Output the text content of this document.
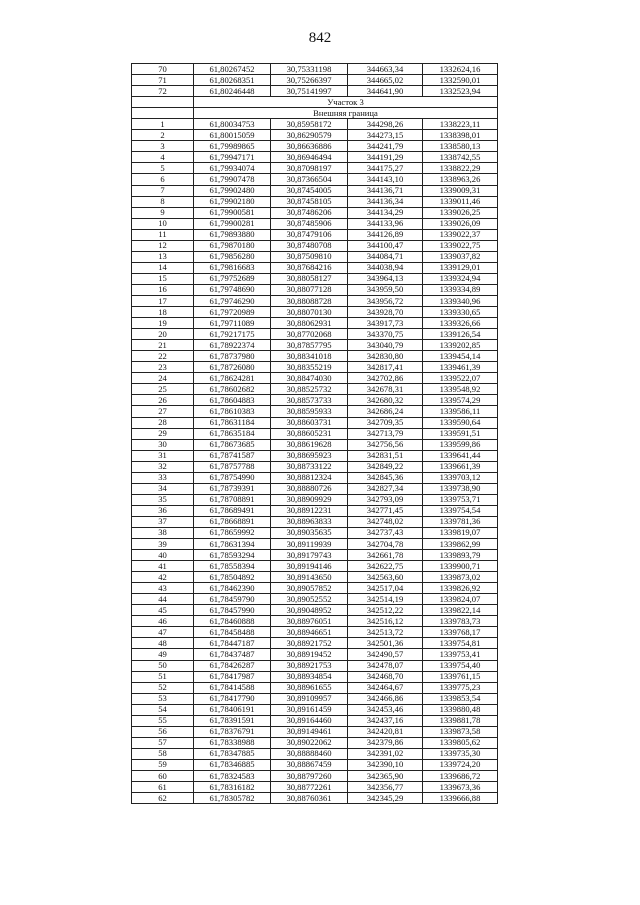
842
70	61,80267452	30,75331198	344663,34	1332624,16
71	61,80268351	30,75266397	344665,02	1332590,01
72	61,80246448	30,75141997	344641,90	1332523,94
	Участок 3			
	Внешняя граница			
1	61,80034753	30,85958172	344298,26	1338223,11
2	61,80015059	30,86290579	344273,15	1338398,01
3	61,79989865	30,86636886	344241,79	1338580,13
4	61,79947171	30,86946494	344191,29	1338742,55
5	61,79934074	30,87098197	344175,27	1338822,29
6	61,79907478	30,87366504	344143,10	1338963,26
7	61,79902480	30,87454005	344136,71	1339009,31
8	61,79902180	30,87458105	344136,34	1339011,46
9	61,79900581	30,87486206	344134,29	1339026,25
10	61,79900281	30,87485906	344133,96	1339026,09
11	61,79893880	30,87479106	344126,89	1339022,37
12	61,79870180	30,87480708	344100,47	1339022,75
13	61,79856280	30,87509810	344084,71	1339037,82
14	61,79816683	30,87684216	344038,94	1339129,01
15	61,79752689	30,88058127	343964,13	1339324,94
16	61,79748690	30,88077128	343959,50	1339334,89
17	61,79746290	30,88088728	343956,72	1339340,96
18	61,79720989	30,88070130	343928,70	1339330,65
19	61,79711089	30,88062931	343917,73	1339326,66
20	61,79217175	30,87702068	343370,75	1339126,54
21	61,78922374	30,87857795	343040,79	1339202,85
22	61,78737980	30,88341018	342830,80	1339454,14
23	61,78726080	30,88355219	342817,41	1339461,39
24	61,78624281	30,88474030	342702,86	1339522,07
25	61,78602682	30,88525732	342678,31	1339548,92
26	61,78604883	30,88573733	342680,32	1339574,29
27	61,78610383	30,88595933	342686,24	1339586,11
28	61,78631184	30,88603731	342709,35	1339590,64
29	61,78635184	30,88605231	342713,79	1339591,51
30	61,78673685	30,88619628	342756,56	1339599,86
31	61,78741587	30,88695923	342831,51	1339641,44
32	61,78757788	30,88733122	342849,22	1339661,39
33	61,78754990	30,88812324	342845,36	1339703,12
34	61,78739391	30,88880726	342827,34	1339738,90
35	61,78708891	30,88909929	342793,09	1339753,71
36	61,78689491	30,88912231	342771,45	1339754,54
37	61,78668891	30,88963833	342748,02	1339781,36
38	61,78659992	30,89035635	342737,43	1339819,07
39	61,78631394	30,89119939	342704,78	1339862,99
40	61,78593294	30,89179743	342661,78	1339893,79
41	61,78558394	30,89194146	342622,75	1339900,71
42	61,78504892	30,89143650	342563,60	1339873,02
43	61,78462390	30,89057852	342517,04	1339826,92
44	61,78459790	30,89052552	342514,19	1339824,07
45	61,78457990	30,89048952	342512,22	1339822,14
46	61,78460888	30,88976051	342516,12	1339783,73
47	61,78458488	30,88946651	342513,72	1339768,17
48	61,78447187	30,88921752	342501,36	1339754,81
49	61,78437487	30,88919452	342490,57	1339753,41
50	61,78426287	30,88921753	342478,07	1339754,40
51	61,78417987	30,88934854	342468,70	1339761,15
52	61,78414588	30,88961655	342464,67	1339775,23
53	61,78417790	30,89109957	342466,86	1339853,54
54	61,78406191	30,89161459	342453,46	1339880,48
55	61,78391591	30,89164460	342437,16	1339881,78
56	61,78376791	30,89149461	342420,81	1339873,58
57	61,78338988	30,89022062	342379,86	1339805,62
58	61,78347885	30,88888460	342391,02	1339735,30
59	61,78346885	30,88867459	342390,10	1339724,20
60	61,78324583	30,88797260	342365,90	1339686,72
61	61,78316182	30,88772261	342356,77	1339673,36
62	61,78305782	30,88760361	342345,29	1339666,88
